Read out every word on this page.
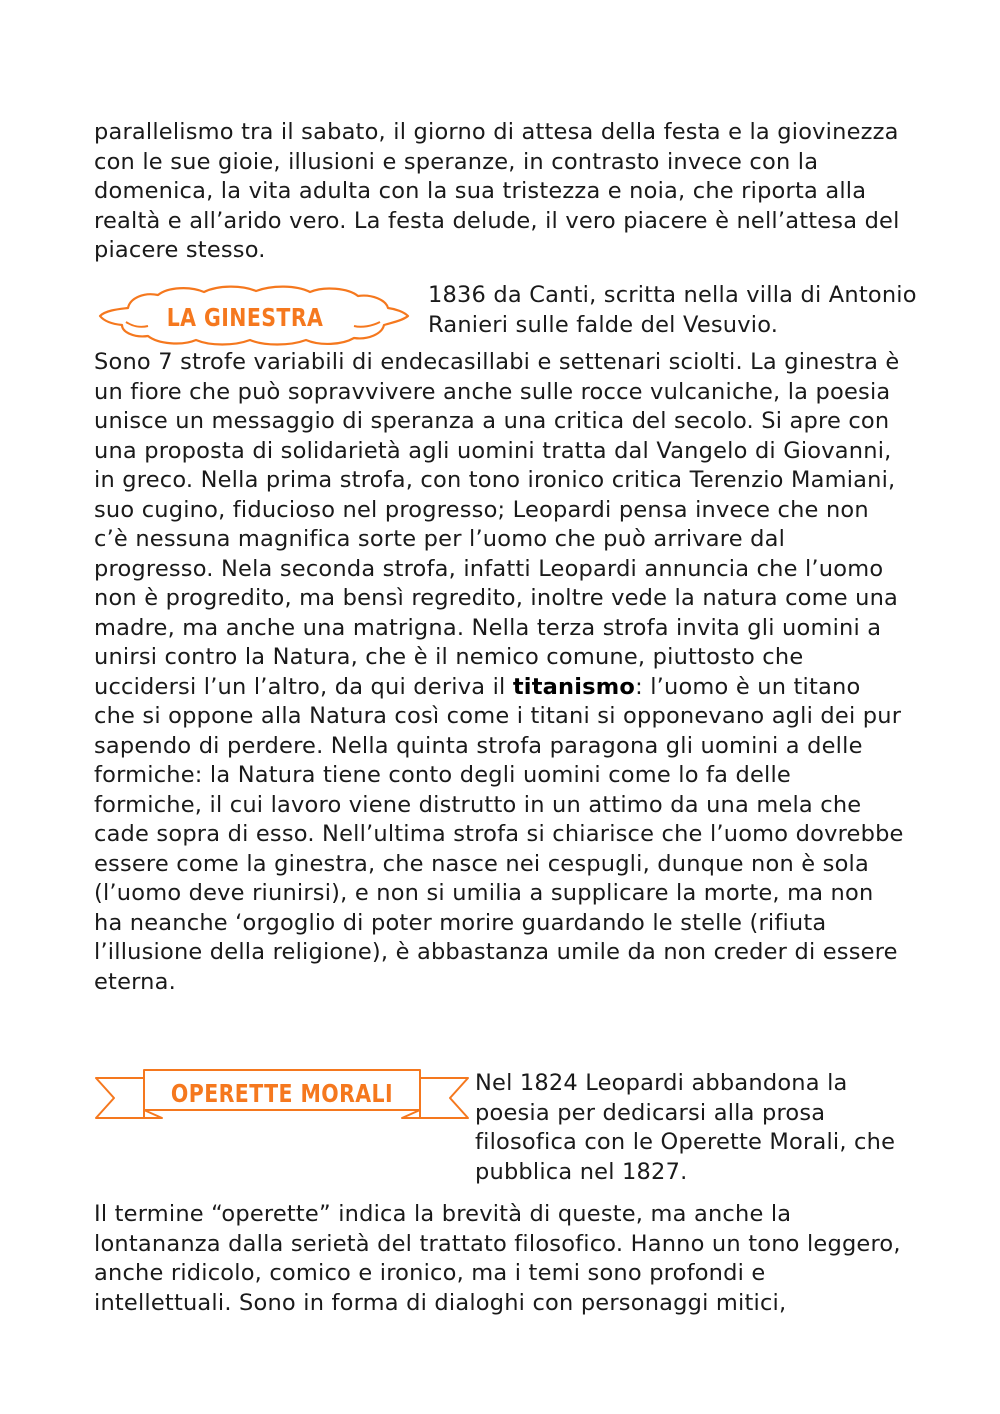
parallelismo tra il sabato, il giorno di attesa della festa e la giovinezza con le sue gioie, illusioni e speranze, in contrasto invece con la domenica, la vita adulta con la sua tristezza e noia, che riporta alla realtà e all’arido vero. La festa delude, il vero piacere è nell’attesa del piacere stesso.

LA GINESTRA

1836 da Canti, scritta nella villa di Antonio Ranieri sulle falde del Vesuvio.

Sono 7 strofe variabili di endecasillabi e settenari sciolti. La ginestra è un fiore che può sopravvivere anche sulle rocce vulcaniche, la poesia unisce un messaggio di speranza a una critica del secolo. Si apre con una proposta di solidarietà agli uomini tratta dal Vangelo di Giovanni, in greco. Nella prima strofa, con tono ironico critica Terenzio Mamiani, suo cugino, fiducioso nel progresso; Leopardi pensa invece che non c’è nessuna magnifica sorte per l’uomo che può arrivare dal progresso. Nela seconda strofa, infatti Leopardi annuncia che l’uomo non è progredito, ma bensì regredito, inoltre vede la natura come una madre, ma anche una matrigna. Nella terza strofa invita gli uomini a unirsi contro la Natura, che è il nemico comune, piuttosto che uccidersi l’un l’altro, da qui deriva il titanismo: l’uomo è un titano che si oppone alla Natura così come i titani si opponevano agli dei pur sapendo di perdere. Nella quinta strofa paragona gli uomini a delle formiche: la Natura tiene conto degli uomini come lo fa delle formiche, il cui lavoro viene distrutto in un attimo da una mela che cade sopra di esso. Nell’ultima strofa si chiarisce che l’uomo dovrebbe essere come la ginestra, che nasce nei cespugli, dunque non è sola (l’uomo deve riunirsi), e non si umilia a supplicare la morte, ma non ha neanche ‘orgoglio di poter morire guardando le stelle (rifiuta l’illusione della religione), è abbastanza umile da non creder di essere eterna.

OPERETTE MORALI	Nel 1824 Leopardi abbandona la poesia per dedicarsi alla prosa filosofica con le Operette Morali, che pubblica nel 1827.

Il termine “operette” indica la brevità di queste, ma anche la lontananza dalla serietà del trattato filosofico. Hanno un tono leggero, anche ridicolo, comico e ironico, ma i temi sono profondi e intellettuali. Sono in forma di dialoghi con personaggi mitici,
